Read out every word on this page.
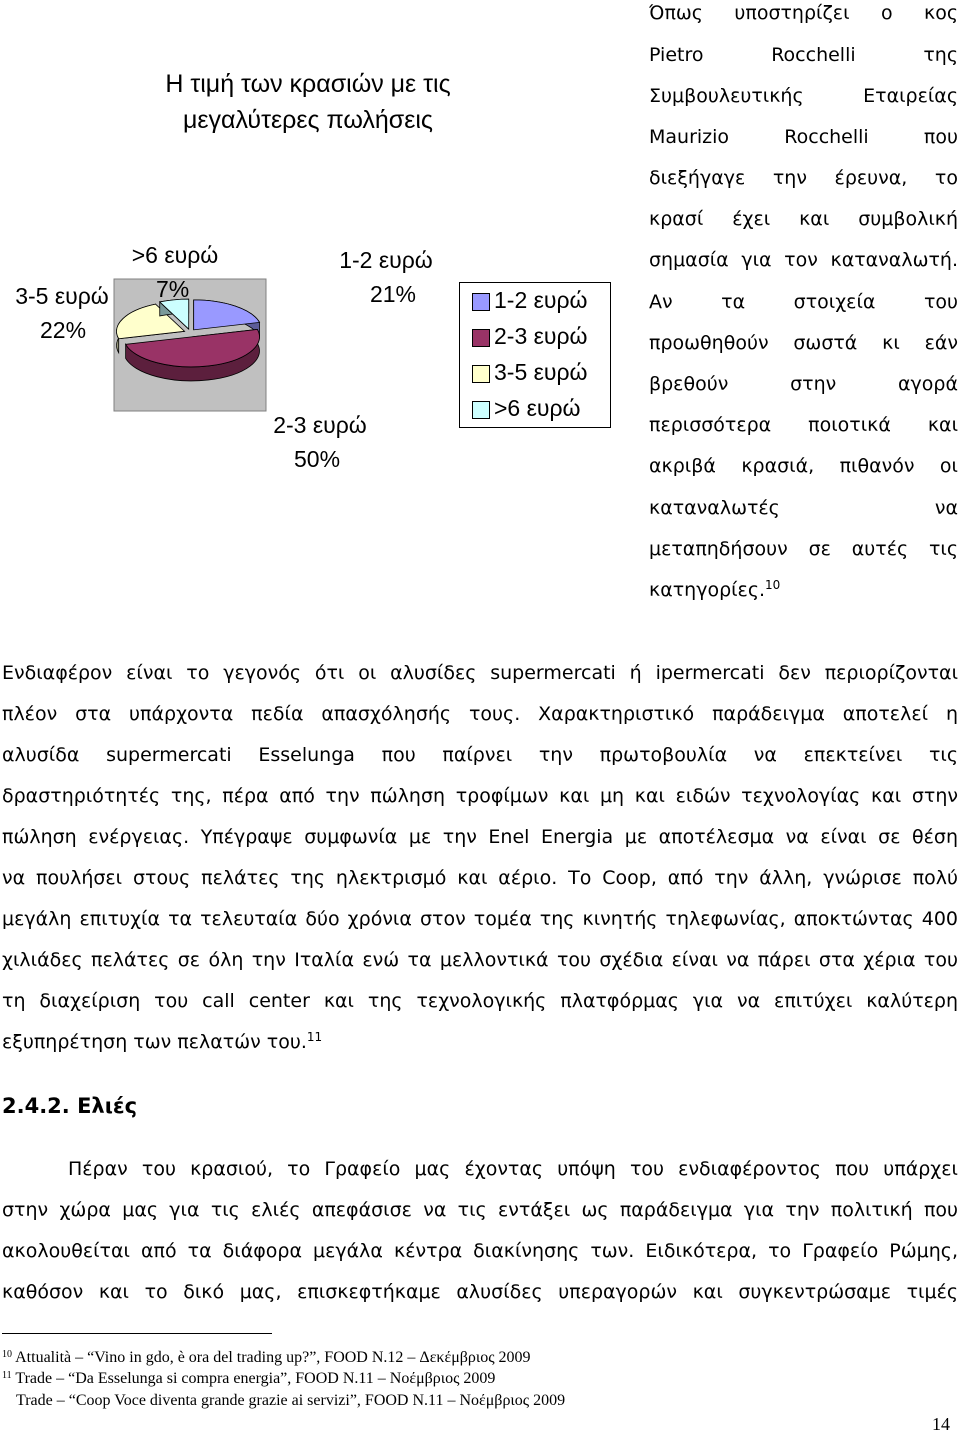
Η τιμή των κρασιών με τις
μεγαλύτερες πωλήσεις
1-2 ευρώ
21%
2-3 ευρώ
50%
3-5 ευρώ
22%
>6 ευρώ
7%	1-2 ευρώ
2-3 ευρώ
3-5 ευρώ
>6 ευρώ
Όπως υποστηρίζει ο κος
Pietro Rocchelli της
Συμβουλευτικής Εταιρείας
Maurizio Rocchelli που
διεξήγαγε την έρευνα, το
κρασί έχει και συμβολική
σημασία για τον καταναλωτή.
Αν τα στοιχεία του
προωθηθούν σωστά κι εάν
βρεθούν στην αγορά
περισσότερα ποιοτικά και
ακριβά κρασιά, πιθανόν οι
καταναλωτές να
μεταπηδήσουν σε αυτές τις
κατηγορίες.$^{10}$
Ενδιαφέρον είναι το γεγονός ότι οι αλυσίδες supermercati ή ipermercati δεν περιορίζονται
πλέον στα υπάρχοντα πεδία απασχόλησής τους. Χαρακτηριστικό παράδειγμα αποτελεί η
αλυσίδα supermercati Esselunga που παίρνει την πρωτοβουλία να επεκτείνει τις
δραστηριότητές της, πέρα από την πώληση τροφίμων και μη και ειδών τεχνολογίας και στην
πώληση ενέργειας. Υπέγραψε συμφωνία με την Enel Energia με αποτέλεσμα να είναι σε θέση
να πουλήσει στους πελάτες της ηλεκτρισμό και αέριο. Το Coop, από την άλλη, γνώρισε πολύ
μεγάλη επιτυχία τα τελευταία δύο χρόνια στον τομέα της κινητής τηλεφωνίας, αποκτώντας 400
χιλιάδες πελάτες σε όλη την Ιταλία ενώ τα μελλοντικά του σχέδια είναι να πάρει στα χέρια του
τη διαχείριση του call center και της τεχνολογικής πλατφόρμας για να επιτύχει καλύτερη
εξυπηρέτηση των πελατών του.$^{11}$
2.4.2. Ελιές
Πέραν του κρασιού, το Γραφείο μας έχοντας υπόψη του ενδιαφέροντος που υπάρχει
στην χώρα μας για τις ελιές απεφάσισε να τις εντάξει ως παράδειγμα για την πολιτική που
ακολουθείται από τα διάφορα μεγάλα κέντρα διακίνησης των. Ειδικότερα, το Γραφείο Ρώμης,
καθόσον και το δικό μας, επισκεφτήκαμε αλυσίδες υπεραγορών και συγκεντρώσαμε τιμές
$^{10}$ Attualità – “Vino in gdo, è ora del trading up?”, FOOD N.12 – Δεκέμβριος 2009
$^{11}$ Trade – “Da Esselunga si compra energia”, FOOD N.11 – Νοέμβριος 2009
Trade – “Coop Voce diventa grande grazie ai servizi”, FOOD N.11 – Νοέμβριος 2009
14
